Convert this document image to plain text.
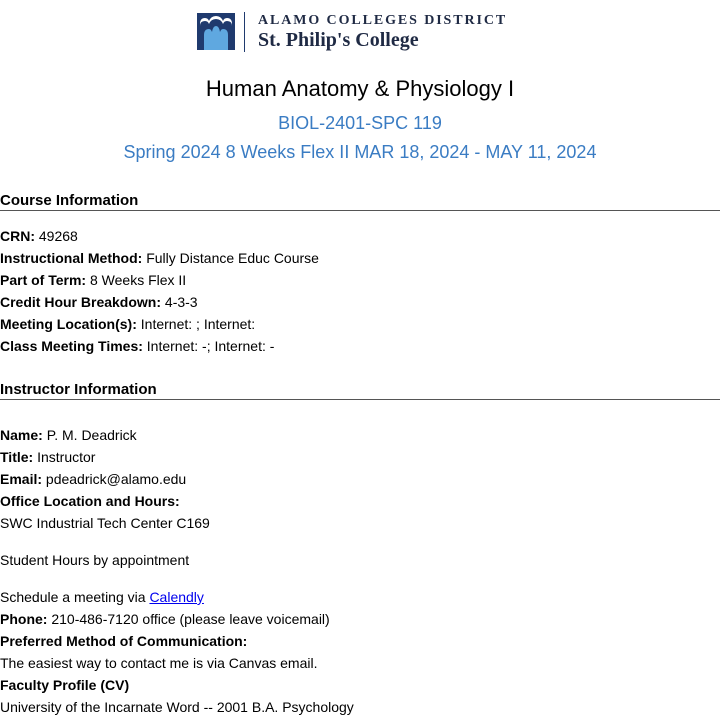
ALAMO COLLEGES DISTRICT
St. Philip's College
Human Anatomy & Physiology I
BIOL-2401-SPC 119
Spring 2024 8 Weeks Flex II MAR 18, 2024 - MAY 11, 2024
Course Information
CRN: 49268
Instructional Method: Fully Distance Educ Course
Part of Term: 8 Weeks Flex II
Credit Hour Breakdown: 4-3-3
Meeting Location(s): Internet: ; Internet:
Class Meeting Times: Internet: -; Internet: -
Instructor Information
Name: P. M. Deadrick
Title: Instructor
Email: pdeadrick@alamo.edu
Office Location and Hours:
SWC Industrial Tech Center C169
Student Hours by appointment
Schedule a meeting via Calendly
Phone: 210-486-7120 office (please leave voicemail)
Preferred Method of Communication:
The easiest way to contact me is via Canvas email.
Faculty Profile (CV)
University of the Incarnate Word -- 2001 B.A. Psychology
